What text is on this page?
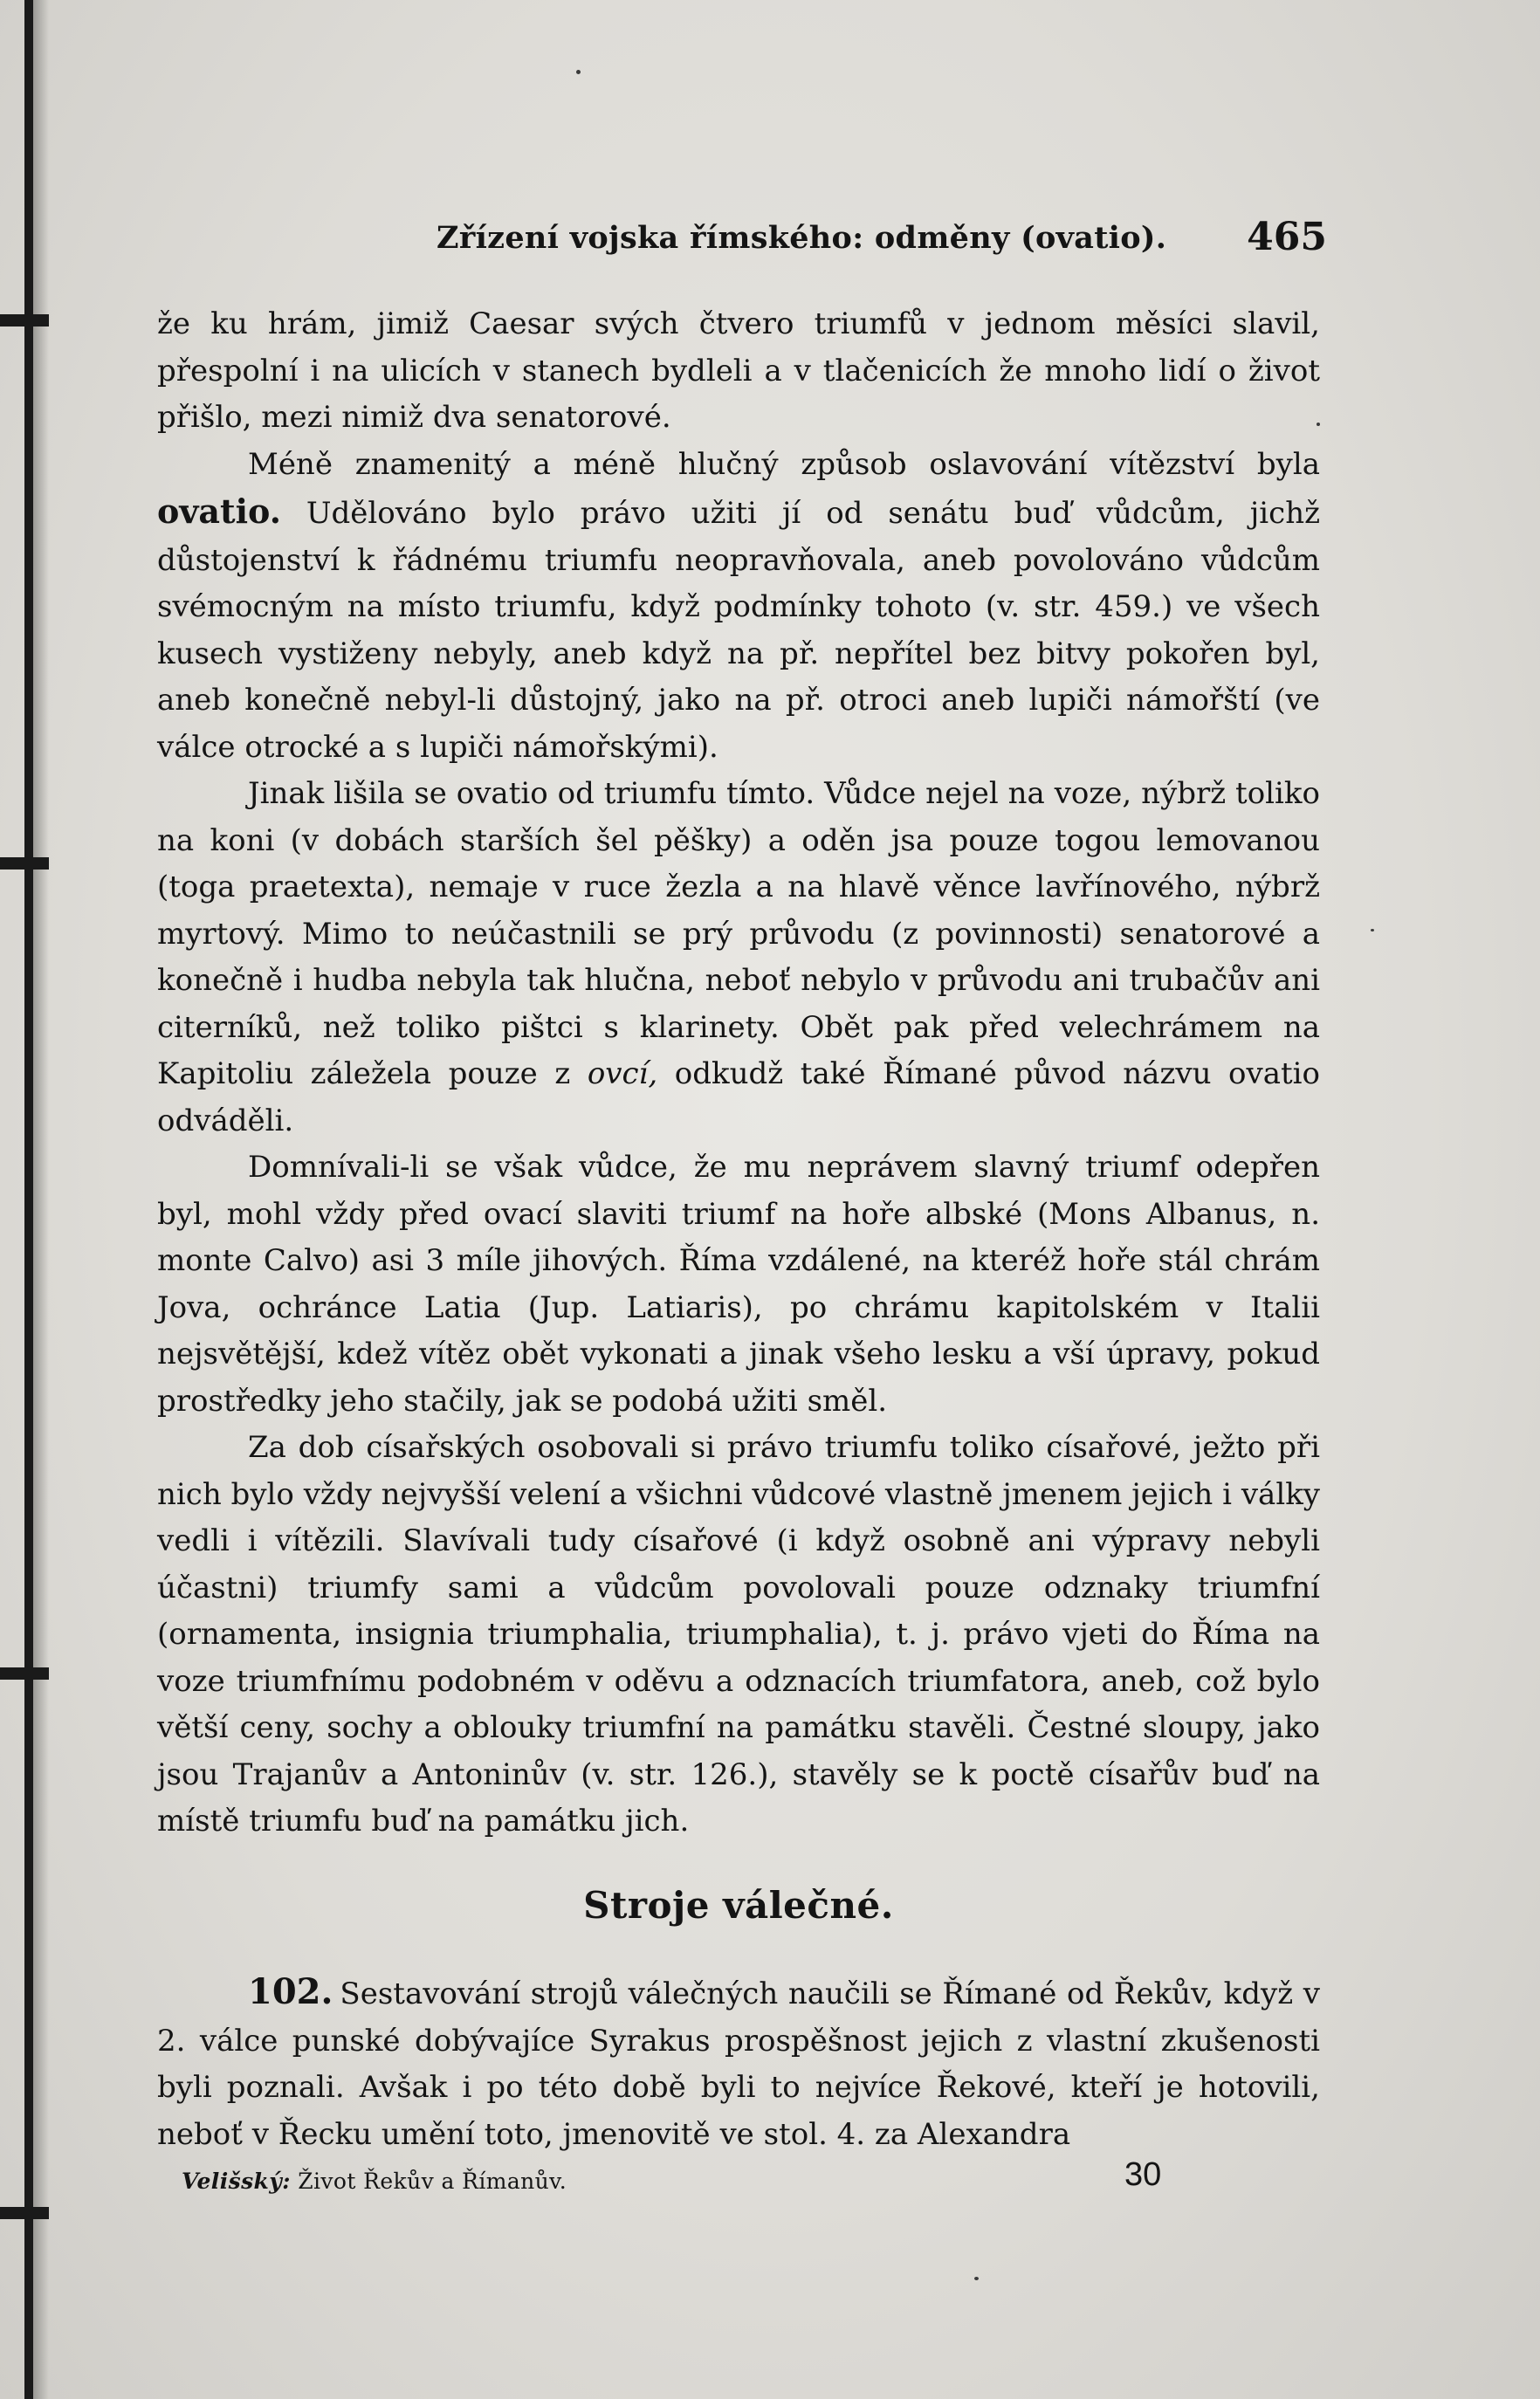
Zřízení vojska římského: odměny (ovatio). 465

že ku hrám, jimiž Caesar svých čtvero triumfů v jednom měsíci slavil, přespolní i na ulicích v stanech bydleli a v tlačenicích že mnoho lidí o život přišlo, mezi nimiž dva senatorové.

Méně znamenitý a méně hlučný způsob oslavování vítězství byla ovatio. Udělováno bylo právo užiti jí od senátu buď vůdcům, jichž důstojenství k řádnému triumfu neopravňovala, aneb povolováno vůdcům svémocným na místo triumfu, když podmínky tohoto (v. str. 459.) ve všech kusech vystiženy nebyly, aneb když na př. nepřítel bez bitvy pokořen byl, aneb konečně nebyl-li důstojný, jako na př. otroci aneb lupiči námořští (ve válce otrocké a s lupiči námořskými).

Jinak lišila se ovatio od triumfu tímto. Vůdce nejel na voze, nýbrž toliko na koni (v dobách starších šel pěšky) a oděn jsa pouze togou lemovanou (toga praetexta), nemaje v ruce žezla a na hlavě věnce lavřínového, nýbrž myrtový. Mimo to neúčastnili se prý průvodu (z povinnosti) senatorové a konečně i hudba nebyla tak hlučna, neboť nebylo v průvodu ani trubačův ani citerníků, než toliko pištci s klarinety. Obět pak před velechrámem na Kapitoliu záležela pouze z ovcí, odkudž také Římané původ názvu ovatio odváděli.

Domnívali-li se však vůdce, že mu neprávem slavný triumf odepřen byl, mohl vždy před ovací slaviti triumf na hoře albské (Mons Albanus, n. monte Calvo) asi 3 míle jihových. Říma vzdálené, na kteréž hoře stál chrám Jova, ochránce Latia (Jup. Latiaris), po chrámu kapitolském v Italii nejsvětější, kdež vítěz obět vykonati a jinak všeho lesku a vší úpravy, pokud prostředky jeho stačily, jak se podobá užiti směl.

Za dob císařských osobovali si právo triumfu toliko císařové, ježto při nich bylo vždy nejvyšší velení a všichni vůdcové vlastně jmenem jejich i války vedli i vítězili. Slavívali tudy císařové (i když osobně ani výpravy nebyli účastni) triumfy sami a vůdcům povolovali pouze odznaky triumfní (ornamenta, insignia triumphalia, triumphalia), t. j. právo vjeti do Říma na voze triumfnímu podobném v oděvu a odznacích triumfatora, aneb, což bylo větší ceny, sochy a oblouky triumfní na památku stavěli. Čestné sloupy, jako jsou Trajanův a Antoninův (v. str. 126.), stavěly se k poctě císařův buď na místě triumfu buď na památku jich.

Stroje válečné.

102. Sestavování strojů válečných naučili se Římané od Řekův, když v 2. válce punské dobývajíce Syrakus prospěšnost jejich z vlastní zkušenosti byli poznali. Avšak i po této době byli to nejvíce Řekové, kteří je hotovili, neboť v Řecku umění toto, jmenovitě ve stol. 4. za Alexandra

Velišský: Život Řekův a Římanův.	30
